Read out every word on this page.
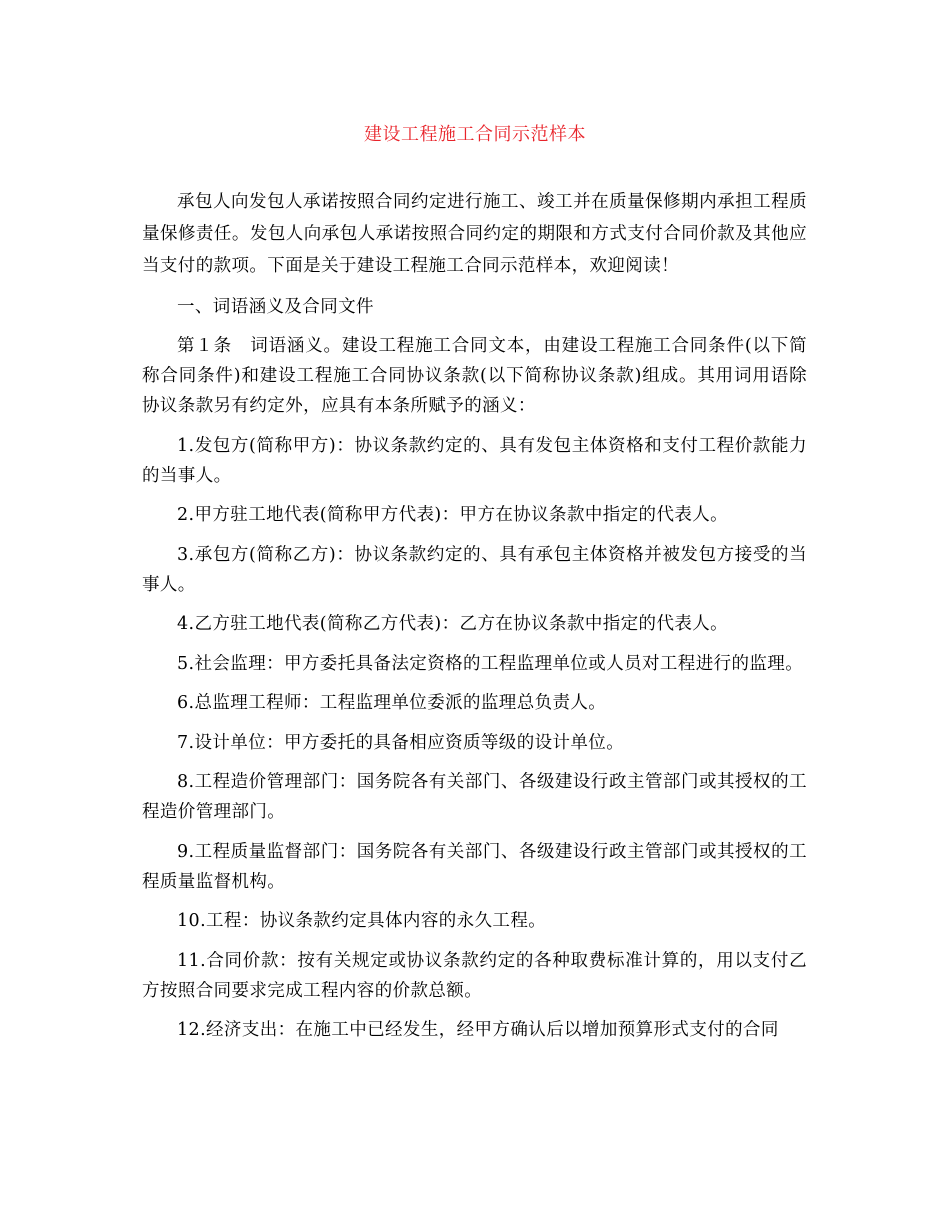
建设工程施工合同示范样本

承包人向发包人承诺按照合同约定进行施工、竣工并在质量保修期内承担工程质量保修责任。发包人向承包人承诺按照合同约定的期限和方式支付合同价款及其他应当支付的款项。下面是关于建设工程施工合同示范样本，欢迎阅读！

一、词语涵义及合同文件

第１条　词语涵义。建设工程施工合同文本，由建设工程施工合同条件(以下简称合同条件)和建设工程施工合同协议条款(以下简称协议条款)组成。其用词用语除协议条款另有约定外，应具有本条所赋予的涵义：

1.发包方(简称甲方)：协议条款约定的、具有发包主体资格和支付工程价款能力的当事人。

2.甲方驻工地代表(简称甲方代表)：甲方在协议条款中指定的代表人。

3.承包方(简称乙方)：协议条款约定的、具有承包主体资格并被发包方接受的当事人。

4.乙方驻工地代表(简称乙方代表)：乙方在协议条款中指定的代表人。

5.社会监理：甲方委托具备法定资格的工程监理单位或人员对工程进行的监理。

6.总监理工程师：工程监理单位委派的监理总负责人。

7.设计单位：甲方委托的具备相应资质等级的设计单位。

8.工程造价管理部门：国务院各有关部门、各级建设行政主管部门或其授权的工程造价管理部门。

9.工程质量监督部门：国务院各有关部门、各级建设行政主管部门或其授权的工程质量监督机构。

10.工程：协议条款约定具体内容的永久工程。

11.合同价款：按有关规定或协议条款约定的各种取费标准计算的，用以支付乙方按照合同要求完成工程内容的价款总额。

12.经济支出：在施工中已经发生，经甲方确认后以增加预算形式支付的合同
